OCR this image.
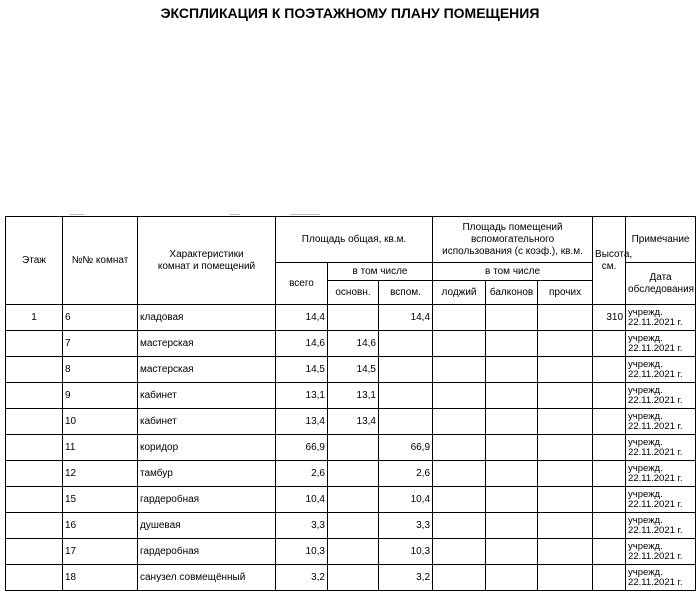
ЭКСПЛИКАЦИЯ К ПОЭТАЖНОМУ ПЛАНУ ПОМЕЩЕНИЯ
Этаж	№№ комнат	Характеристики комнат и помещений	Площадь общая, кв.м.			Площадь помещений вспомогательного использования (с коэф.), кв.м.			Высота, см.	Примечание
			всего	в том числе		в том числе				Дата обследования
				основн.	вспом.	лоджий	балконов	прочих		
1	6	кладовая	14,4		14,4				310	учрежд.
22.11.2021 г.

	7	мастерская	14,6	14,6						учрежд.
22.11.2021 г.

	8	мастерская	14,5	14,5						учрежд.
22.11.2021 г.

	9	кабинет	13,1	13,1						учрежд.
22.11.2021 г.

	10	кабинет	13,4	13,4						учрежд.
22.11.2021 г.

	11	коридор	66,9		66,9					учрежд.
22.11.2021 г.

	12	тамбур	2,6		2,6					учрежд.
22.11.2021 г.

	15	гардеробная	10,4		10,4					учрежд.
22.11.2021 г.

	16	душевая	3,3		3,3					учрежд.
22.11.2021 г.

	17	гардеробная	10,3		10,3					учрежд.
22.11.2021 г.

	18	санузел совмещённый	3,2		3,2					учрежд.
22.11.2021 г.
